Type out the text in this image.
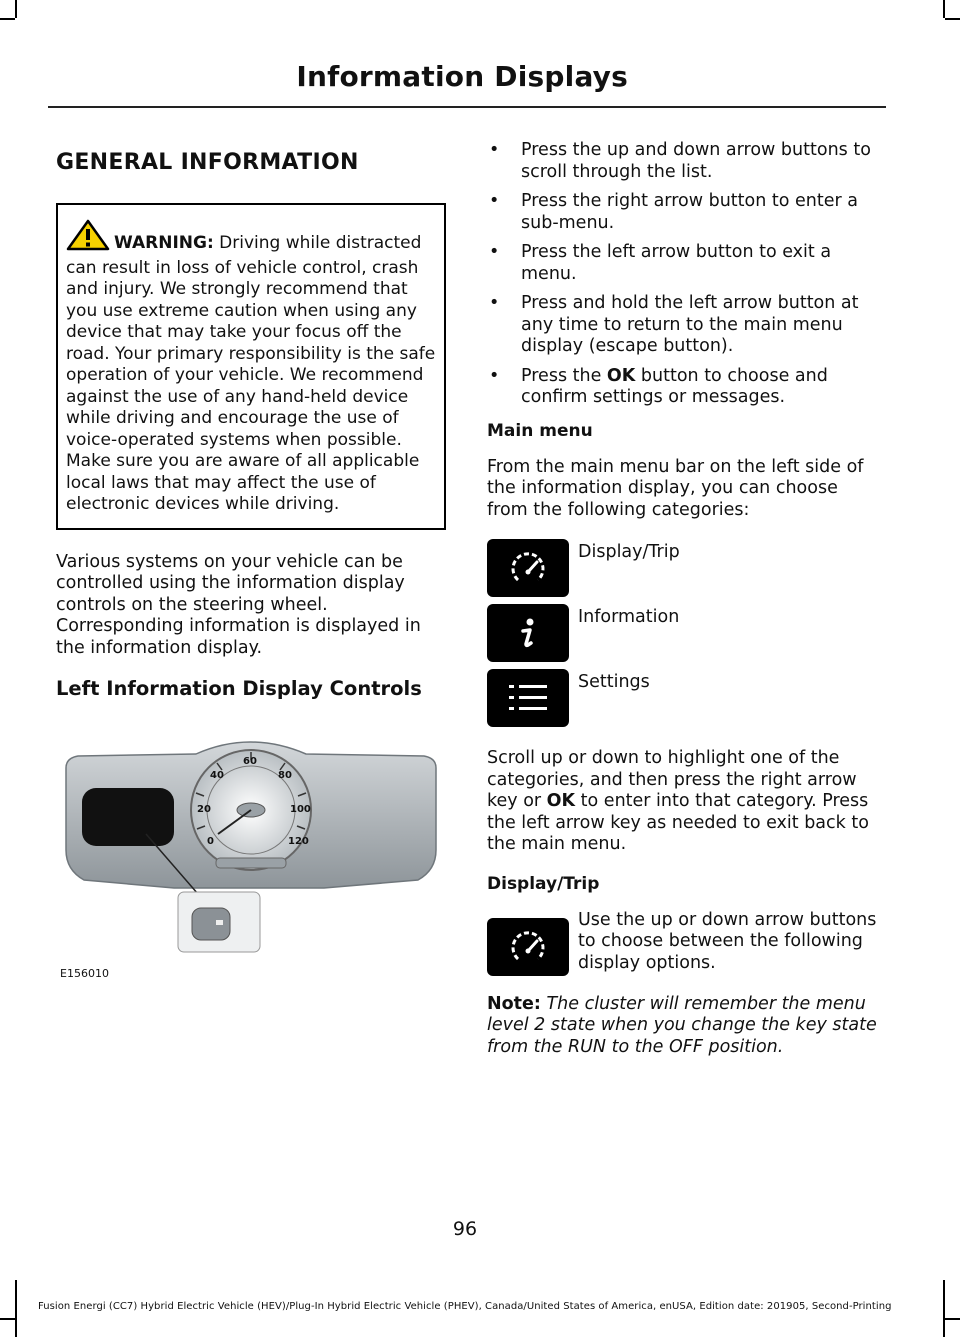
Information Displays
GENERAL INFORMATION
WARNING: Driving while distracted can result in loss of vehicle control, crash and injury. We strongly recommend that you use extreme caution when using any device that may take your focus off the road. Your primary responsibility is the safe operation of your vehicle. We recommend against the use of any hand-held device while driving and encourage the use of voice-operated systems when possible. Make sure you are aware of all applicable local laws that may affect the use of electronic devices while driving.

Various systems on your vehicle can be controlled using the information display controls on the steering wheel. Corresponding information is displayed in the information display.

Left Information Display Controls
0
20
40
60
80
100
120
E156010
• Press the up and down arrow buttons to scroll through the list.
• Press the right arrow button to enter a sub-menu.
• Press the left arrow button to exit a menu.
• Press and hold the left arrow button at any time to return to the main menu display (escape button).
• Press the OK button to choose and confirm settings or messages.
Main menu

From the main menu bar on the left side of the information display, you can choose from the following categories:

Display/Trip
Information
Settings

Scroll up or down to highlight one of the categories, and then press the right arrow key or OK to enter into that category. Press the left arrow key as needed to exit back to the main menu.

Display/Trip
Use the up or down arrow buttons to choose between the following display options.

Note: The cluster will remember the menu level 2 state when you change the key state from the RUN to the OFF position.

96
Fusion Energi (CC7) Hybrid Electric Vehicle (HEV)/Plug-In Hybrid Electric Vehicle (PHEV), Canada/United States of America, enUSA, Edition date: 201905, Second-Printing
